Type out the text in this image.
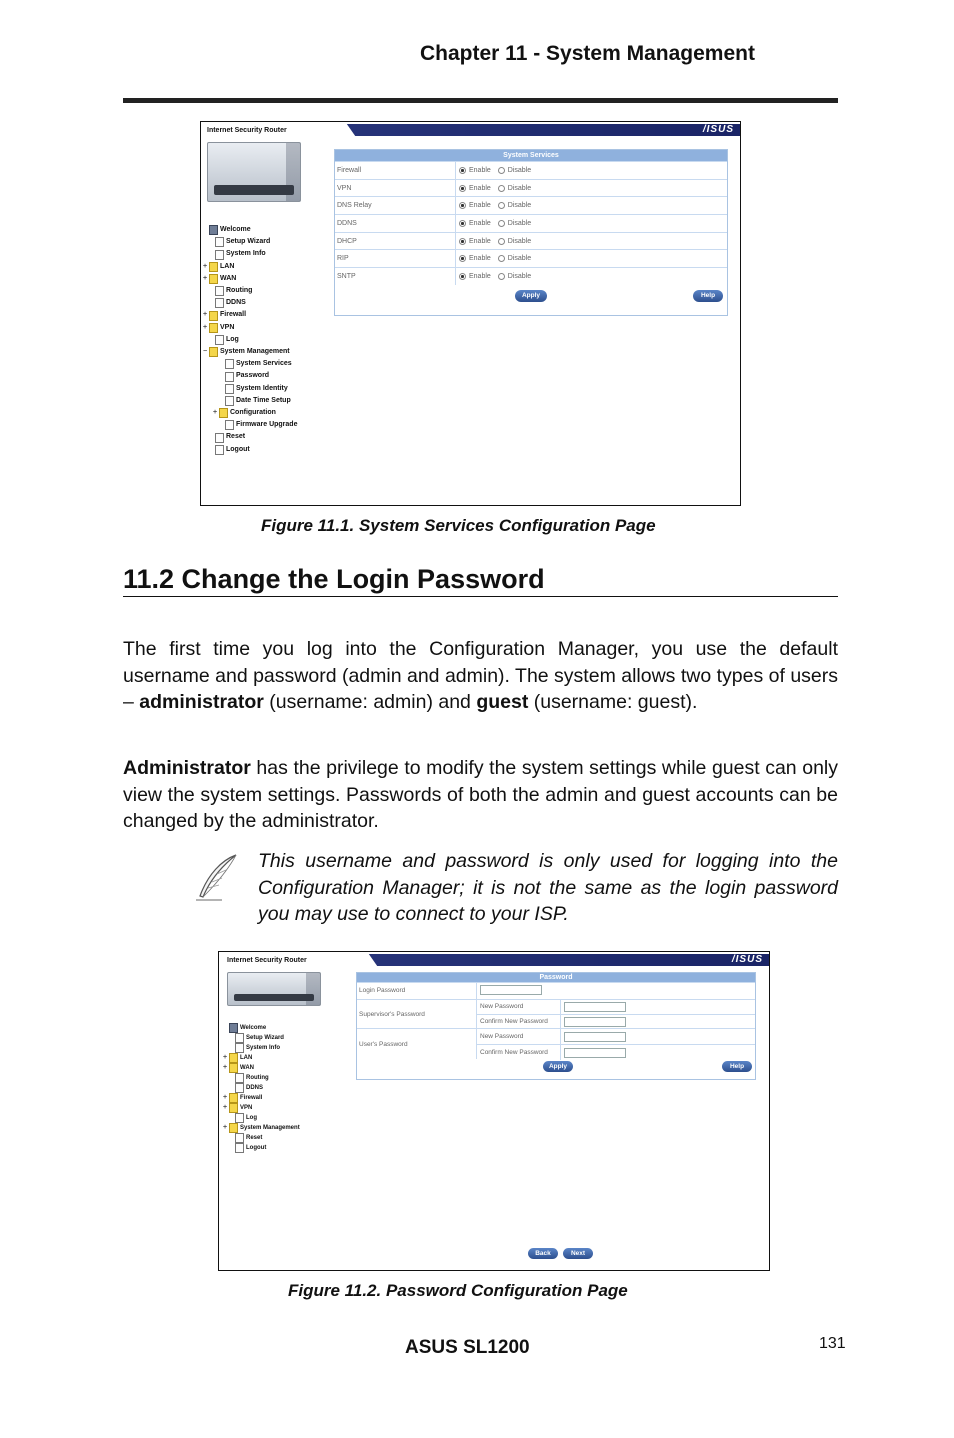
Chapter 11 - System Management
/ISUS
Internet Security Router
Welcome
Setup Wizard
System Info
+ LAN
+ WAN
Routing
DDNS
+ Firewall
+ VPN
Log
− System Management
System Services
Password
System Identity
Date Time Setup
+ Configuration
Firmware Upgrade
Reset
Logout
System Services
Firewall	Enable Disable
VPN	Enable Disable
DNS Relay	Enable Disable
DDNS	Enable Disable
DHCP	Enable Disable
RIP	Enable Disable
SNTP	Enable Disable
Apply	Help
Figure 11.1. System Services Configuration Page
11.2 Change the Login Password
The first time you log into the Configuration Manager, you use the default username and password (admin and admin). The system allows two types of users – administrator (username: admin) and guest (username: guest).
Administrator has the privilege to modify the system settings while guest can only view the system settings. Passwords of both the admin and guest accounts can be changed by the administrator.
This username and password is only used for logging into the Configuration Manager; it is not the same as the login password you may use to connect to your ISP.
/ISUS
Internet Security Router
Welcome
Setup Wizard
System Info
+	LAN
+	WAN
Routing
DDNS
+	Firewall
+	VPN
Log
+	System Management
Reset
Logout
Password
Login Password
Supervisor's Password
New Password
Confirm New Password
User's Password
New Password
Confirm New Password
Apply	Help
Back	Next
Figure 11.2. Password Configuration Page
ASUS SL1200	131
